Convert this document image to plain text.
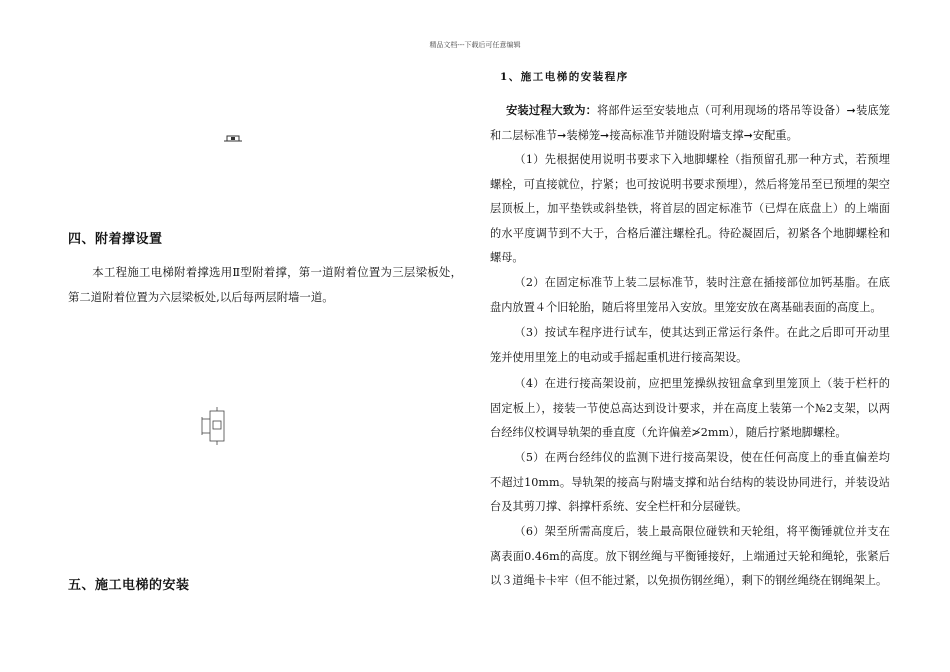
精品文档---下载后可任意编辑
四、附着撑设置
本工程施工电梯附着撑选用Ⅱ型附着撑，第一道附着位置为三层梁板处，第二道附着位置为六层梁板处,以后每两层附墙一道。
五、施工电梯的安装
1、施工电梯的安装程序
安装过程大致为：将部件运至安装地点（可利用现场的塔吊等设备）➞装底笼和二层标准节➞装梯笼➞接高标准节并随设附墙支撑➞安配重。
（1）先根据使用说明书要求下入地脚螺栓（指预留孔那一种方式，若预埋螺栓，可直接就位，拧紧；也可按说明书要求预埋），然后将笼吊至已预埋的架空层顶板上，加平垫铁或斜垫铁，将首层的固定标准节（已焊在底盘上）的上端面的水平度调节到不大于，合格后灌注螺栓孔。待砼凝固后，初紧各个地脚螺栓和螺母。
（2）在固定标准节上装二层标准节，装时注意在插接部位加钙基脂。在底盘内放置４个旧轮胎，随后将里笼吊入安放。里笼安放在离基础表面的高度上。
（3）按试车程序进行试车，使其达到正常运行条件。在此之后即可开动里笼并使用里笼上的电动或手摇起重机进行接高架设。
（4）在进行接高架设前，应把里笼操纵按钮盒拿到里笼顶上（装于栏杆的固定板上），接装一节使总高达到设计要求，并在高度上装第一个№2支架，以两台经纬仪校调导轨架的垂直度（允许偏差≯2mm），随后拧紧地脚螺栓。
（5）在两台经纬仪的监测下进行接高架设，使在任何高度上的垂直偏差均不超过10mm。导轨架的接高与附墙支撑和站台结构的装设协同进行，并装设站台及其剪刀撑、斜撑杆系统、安全栏杆和分层碰铁。
（6）架至所需高度后，装上最高限位碰铁和天轮组，将平衡锤就位并支在离表面0.46m的高度。放下钢丝绳与平衡锤接好，上端通过天轮和绳轮，张紧后以３道绳卡卡牢（但不能过紧，以免损伤钢丝绳），剩下的钢丝绳绕在钢绳架上。
